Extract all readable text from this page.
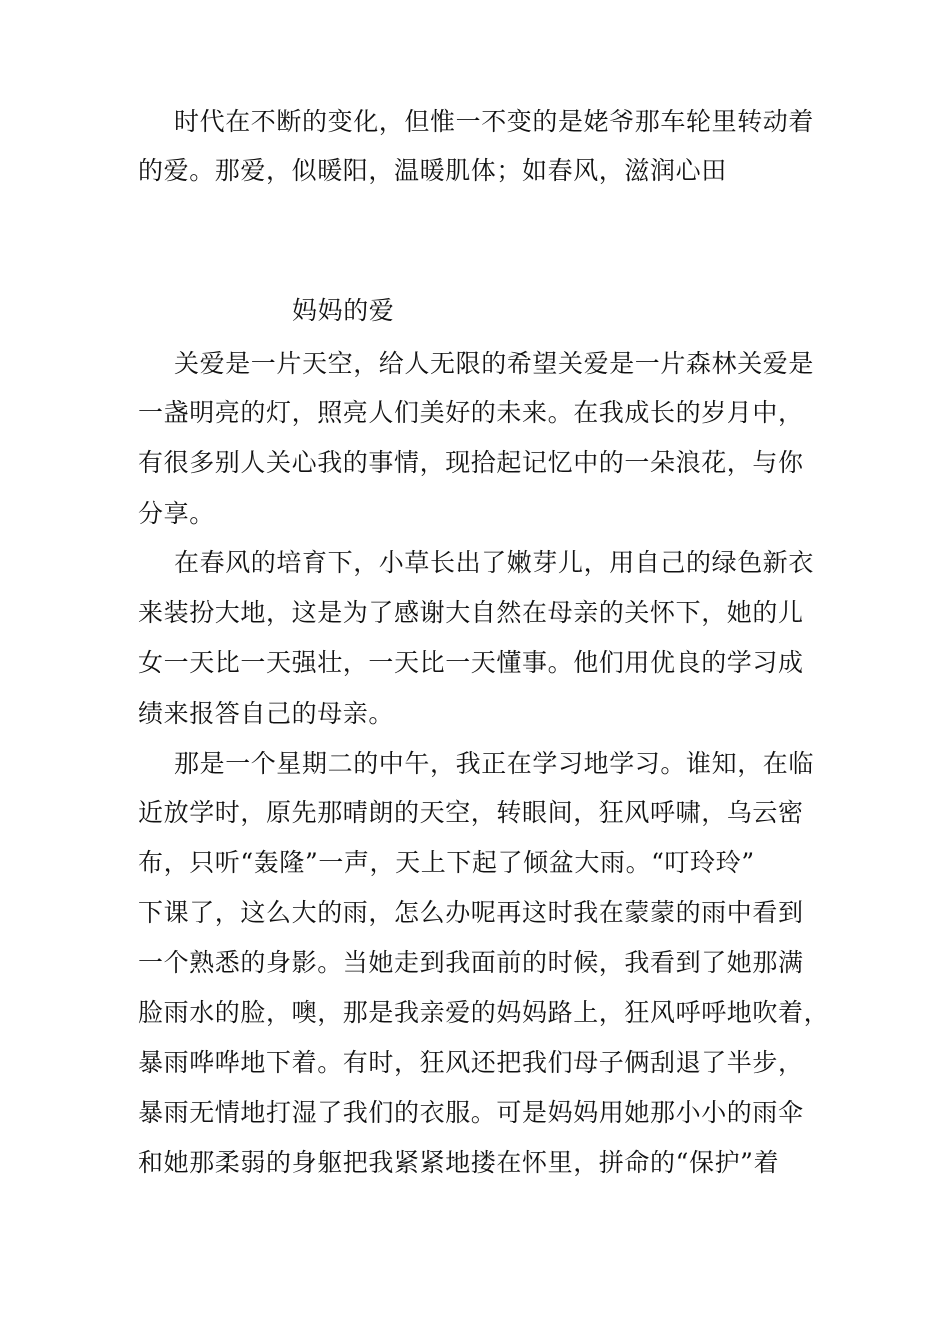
时代在不断的变化，但惟一不变的是姥爷那车轮里转动着
的爱。那爱，似暖阳，温暖肌体；如春风，滋润心田
妈妈的爱
关爱是一片天空，给人无限的希望关爱是一片森林关爱是
一盏明亮的灯，照亮人们美好的未来。在我成长的岁月中，
有很多别人关心我的事情，现拾起记忆中的一朵浪花，与你
分享。
在春风的培育下，小草长出了嫩芽儿，用自己的绿色新衣
来装扮大地，这是为了感谢大自然在母亲的关怀下，她的儿
女一天比一天强壮，一天比一天懂事。他们用优良的学习成
绩来报答自己的母亲。
那是一个星期二的中午，我正在学习地学习。谁知，在临
近放学时，原先那晴朗的天空，转眼间，狂风呼啸，乌云密
布，只听“轰隆”一声，天上下起了倾盆大雨。“叮玲玲”
下课了，这么大的雨，怎么办呢再这时我在蒙蒙的雨中看到
一个熟悉的身影。当她走到我面前的时候，我看到了她那满
脸雨水的脸，噢，那是我亲爱的妈妈路上，狂风呼呼地吹着，
暴雨哗哗地下着。有时，狂风还把我们母子俩刮退了半步，
暴雨无情地打湿了我们的衣服。可是妈妈用她那小小的雨伞
和她那柔弱的身躯把我紧紧地搂在怀里，拼命的“保护”着
